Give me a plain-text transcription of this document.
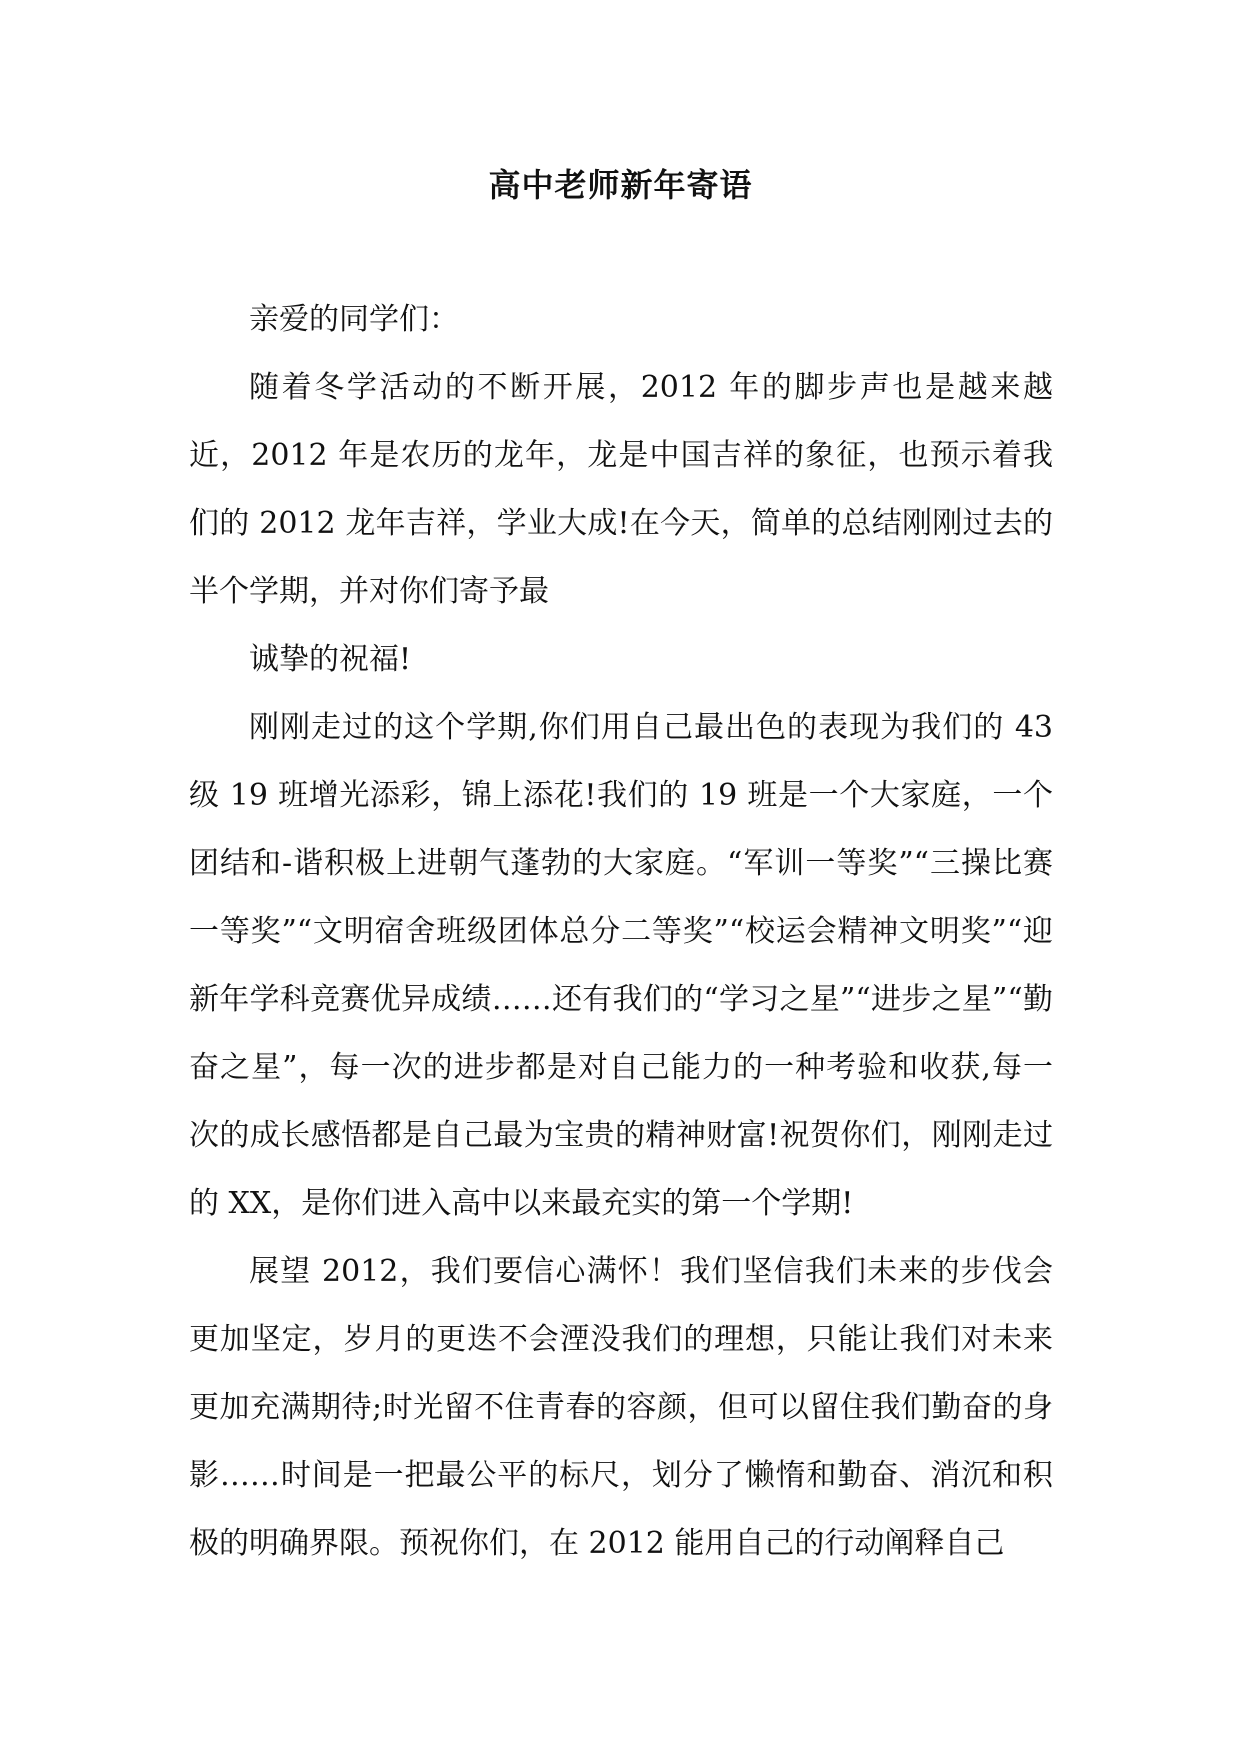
高中老师新年寄语

亲爱的同学们：

随着冬学活动的不断开展，2012 年的脚步声也是越来越近，2012 年是农历的龙年，龙是中国吉祥的象征，也预示着我们的 2012 龙年吉祥，学业大成!在今天，简单的总结刚刚过去的半个学期，并对你们寄予最

诚挚的祝福!

刚刚走过的这个学期,你们用自己最出色的表现为我们的 43 级 19 班增光添彩，锦上添花!我们的 19 班是一个大家庭，一个团结和-谐积极上进朝气蓬勃的大家庭。“军训一等奖”“三操比赛一等奖”“文明宿舍班级团体总分二等奖”“校运会精神文明奖”“迎新年学科竞赛优异成绩……还有我们的“学习之星”“进步之星”“勤奋之星”，每一次的进步都是对自己能力的一种考验和收获,每一次的成长感悟都是自己最为宝贵的精神财富!祝贺你们，刚刚走过的 XX，是你们进入高中以来最充实的第一个学期!

展望 2012，我们要信心满怀！我们坚信我们未来的步伐会更加坚定，岁月的更迭不会湮没我们的理想，只能让我们对未来更加充满期待;时光留不住青春的容颜，但可以留住我们勤奋的身影……时间是一把最公平的标尺，划分了懒惰和勤奋、消沉和积极的明确界限。预祝你们，在 2012 能用自己的行动阐释自己
